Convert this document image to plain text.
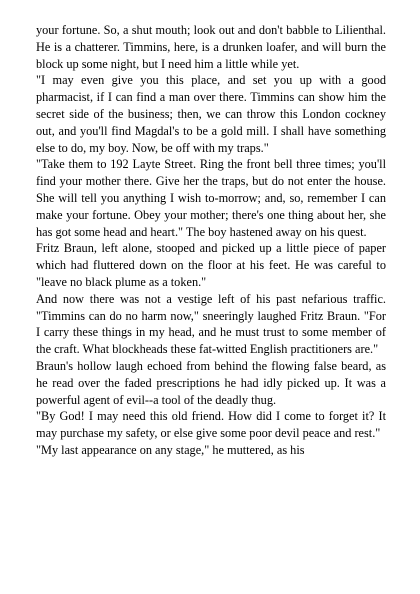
your fortune. So, a shut mouth; look out and don't babble to Lilienthal. He is a chatterer. Timmins, here, is a drunken loafer, and will burn the block up some night, but I need him a little while yet.

"I may even give you this place, and set you up with a good pharmacist, if I can find a man over there. Timmins can show him the secret side of the business; then, we can throw this London cockney out, and you'll find Magdal's to be a gold mill. I shall have something else to do, my boy. Now, be off with my traps."

"Take them to 192 Layte Street. Ring the front bell three times; you'll find your mother there. Give her the traps, but do not enter the house. She will tell you anything I wish to-morrow; and, so, remember I can make your fortune. Obey your mother; there's one thing about her, she has got some head and heart." The boy hastened away on his quest.

Fritz Braun, left alone, stooped and picked up a little piece of paper which had fluttered down on the floor at his feet. He was careful to "leave no black plume as a token."

And now there was not a vestige left of his past nefarious traffic. "Timmins can do no harm now," sneeringly laughed Fritz Braun. "For I carry these things in my head, and he must trust to some member of the craft. What blockheads these fat-witted English practitioners are."

Braun's hollow laugh echoed from behind the flowing false beard, as he read over the faded prescriptions he had idly picked up. It was a powerful agent of evil--a tool of the deadly thug.

"By God! I may need this old friend. How did I come to forget it? It may purchase my safety, or else give some poor devil peace and rest."

"My last appearance on any stage," he muttered, as his
